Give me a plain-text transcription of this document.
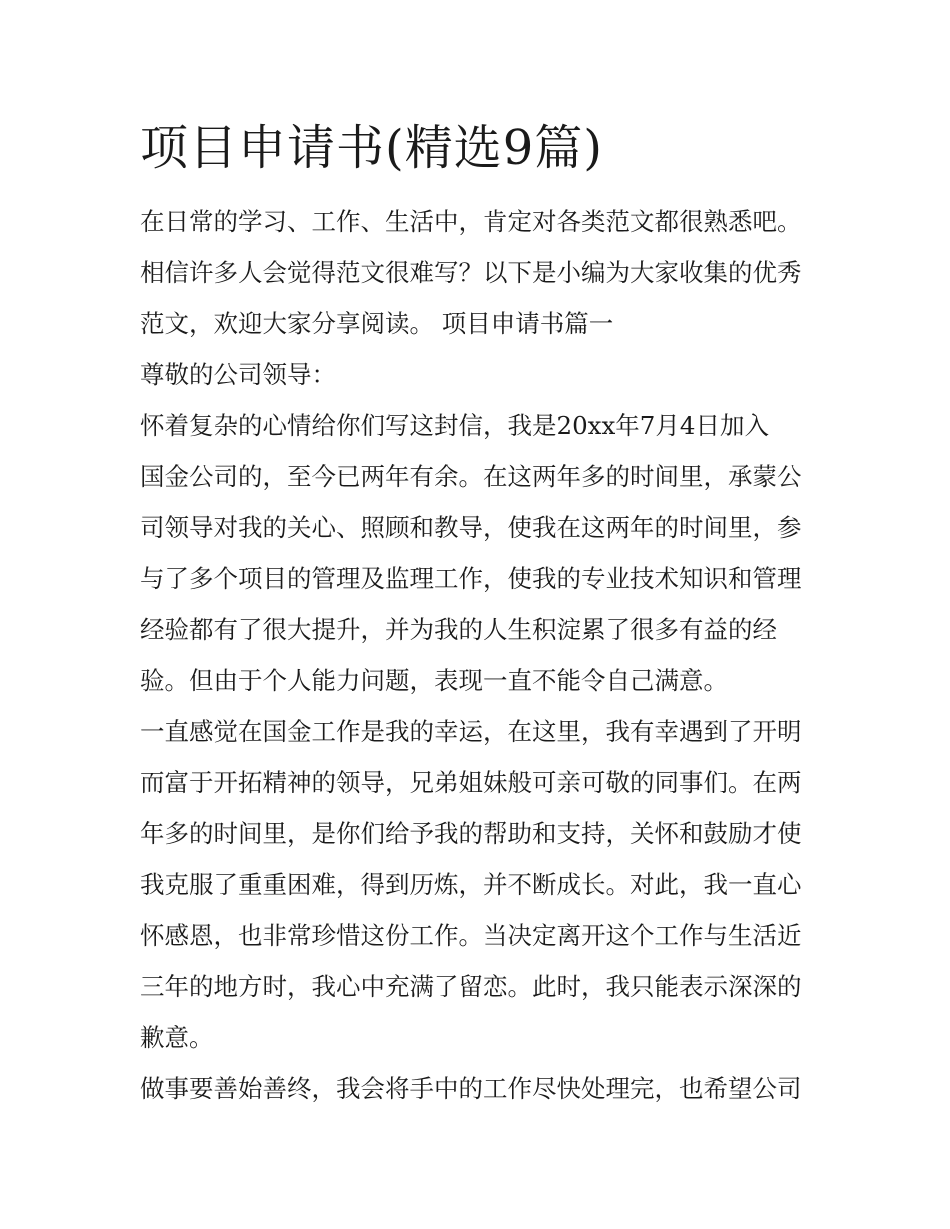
项目申请书(精选9篇)
在日常的学习、工作、生活中，肯定对各类范文都很熟悉吧。
相信许多人会觉得范文很难写？以下是小编为大家收集的优秀
范文，欢迎大家分享阅读。 项目申请书篇一
尊敬的公司领导：
怀着复杂的心情给你们写这封信，我是20xx年7月4日加入
国金公司的，至今已两年有余。在这两年多的时间里，承蒙公
司领导对我的关心、照顾和教导，使我在这两年的时间里，参
与了多个项目的管理及监理工作，使我的专业技术知识和管理
经验都有了很大提升，并为我的人生积淀累了很多有益的经
验。但由于个人能力问题，表现一直不能令自己满意。
一直感觉在国金工作是我的幸运，在这里，我有幸遇到了开明
而富于开拓精神的领导，兄弟姐妹般可亲可敬的同事们。在两
年多的时间里，是你们给予我的帮助和支持，关怀和鼓励才使
我克服了重重困难，得到历炼，并不断成长。对此，我一直心
怀感恩，也非常珍惜这份工作。当决定离开这个工作与生活近
三年的地方时，我心中充满了留恋。此时，我只能表示深深的
歉意。
做事要善始善终，我会将手中的工作尽快处理完，也希望公司
